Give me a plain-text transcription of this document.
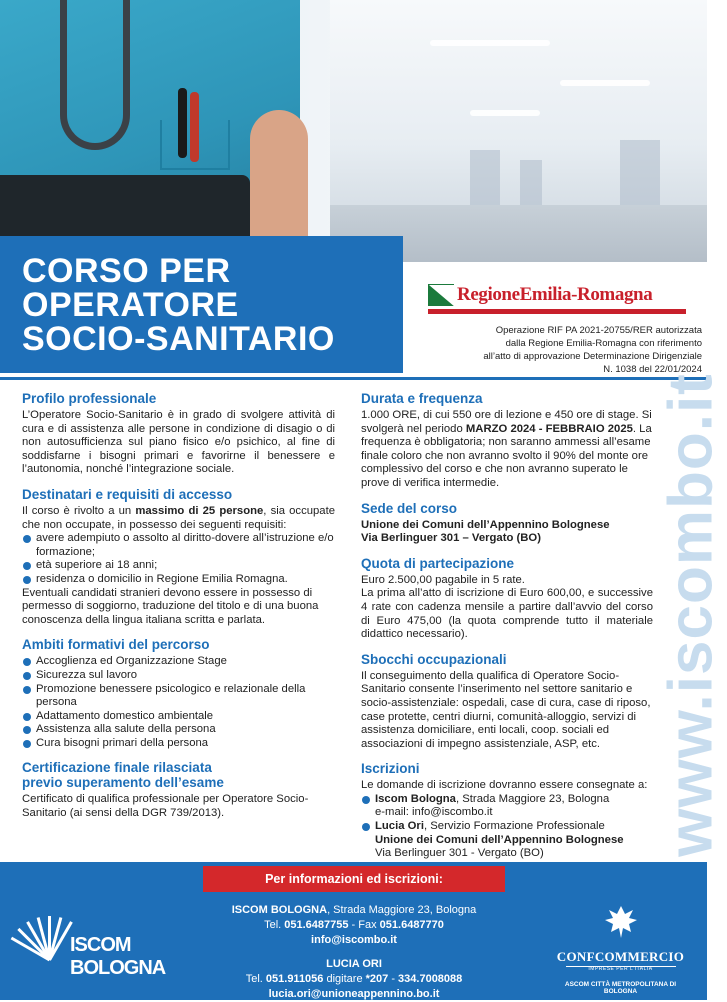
CORSO PER
OPERATORE
SOCIO-SANITARIO
RegioneEmilia-Romagna
Operazione RIF PA 2021-20755/RER autorizzata
dalla Regione Emilia-Romagna con riferimento
all’atto di approvazione Determinazione Dirigenziale
N. 1038 del 22/01/2024
www.iscombo.it
Profilo professionale

L’Operatore Socio-Sanitario è in grado di svolgere attività di cura e di assistenza alle persone in condizione di disagio o di non autosufficienza sul piano fisico e/o psichico, al fine di soddisfarne i bisogni primari e favorirne il benessere e l’autonomia, nonché l’integrazione sociale.

Destinatari e requisiti di accesso

Il corso è rivolto a un massimo di 25 persone, sia occupate che non occupate, in possesso dei seguenti requisiti:

avere adempiuto o assolto al diritto-dovere all’istruzione e/o formazione;
età superiore ai 18 anni;
residenza o domicilio in Regione Emilia Romagna.

Eventuali candidati stranieri devono essere in possesso di permesso di soggiorno, traduzione del titolo e di una buona conoscenza della lingua italiana scritta e parlata.

Ambiti formativi del percorso
Accoglienza ed Organizzazione Stage
Sicurezza sul lavoro
Promozione benessere psicologico e relazionale della persona
Adattamento domestico ambientale
Assistenza alla salute della persona
Cura bisogni primari della persona
Certificazione finale rilasciata
previo superamento dell’esame

Certificato di qualifica professionale per Operatore Socio-Sanitario (ai sensi della DGR 739/2013).

Durata e frequenza

1.000 ORE, di cui 550 ore di lezione e 450 ore di stage. Si svolgerà nel periodo MARZO 2024 - FEBBRAIO 2025. La frequenza è obbligatoria; non saranno ammessi all’esame finale coloro che non avranno svolto il 90% del monte ore complessivo del corso e che non avranno superato le prove di verifica intermedie.

Sede del corso

Unione dei Comuni dell’Appennino Bolognese
Via Berlinguer 301 – Vergato (BO)

Quota di partecipazione

Euro 2.500,00 pagabile in 5 rate.

La prima all’atto di iscrizione di Euro 600,00, e successive 4 rate con cadenza mensile a partire dall’avvio del corso di Euro 475,00 (la quota comprende tutto il materiale didattico necessario).

Sbocchi occupazionali

Il conseguimento della qualifica di Operatore Socio-Sanitario consente l’inserimento nel settore sanitario e socio-assistenziale: ospedali, case di cura, case di riposo, case protette, centri diurni, comunità-alloggio, servizi di assistenza domiciliare, enti locali, coop. sociali ed associazioni di impegno assistenziale, ASP, etc.

Iscrizioni

Le domande di iscrizione dovranno essere consegnate a:

Iscom Bologna, Strada Maggiore 23, Bologna
e-mail: info@iscombo.it
Lucia Ori, Servizio Formazione Professionale
Unione dei Comuni dell’Appennino Bolognese
Via Berlinguer 301 - Vergato (BO)
Per informazioni ed iscrizioni:
ISCOM BOLOGNA, Strada Maggiore 23, Bologna
Tel. 051.6487755 - Fax 051.6487770
info@iscombo.it
LUCIA ORI
Tel. 051.911056 digitare *207 - 334.7008088
lucia.ori@unioneappennino.bo.it
ISCOM BOLOGNA
CONFCOMMERCIO
IMPRESE PER L'ITALIA
ASCOM CITTÀ METROPOLITANA DI BOLOGNA
